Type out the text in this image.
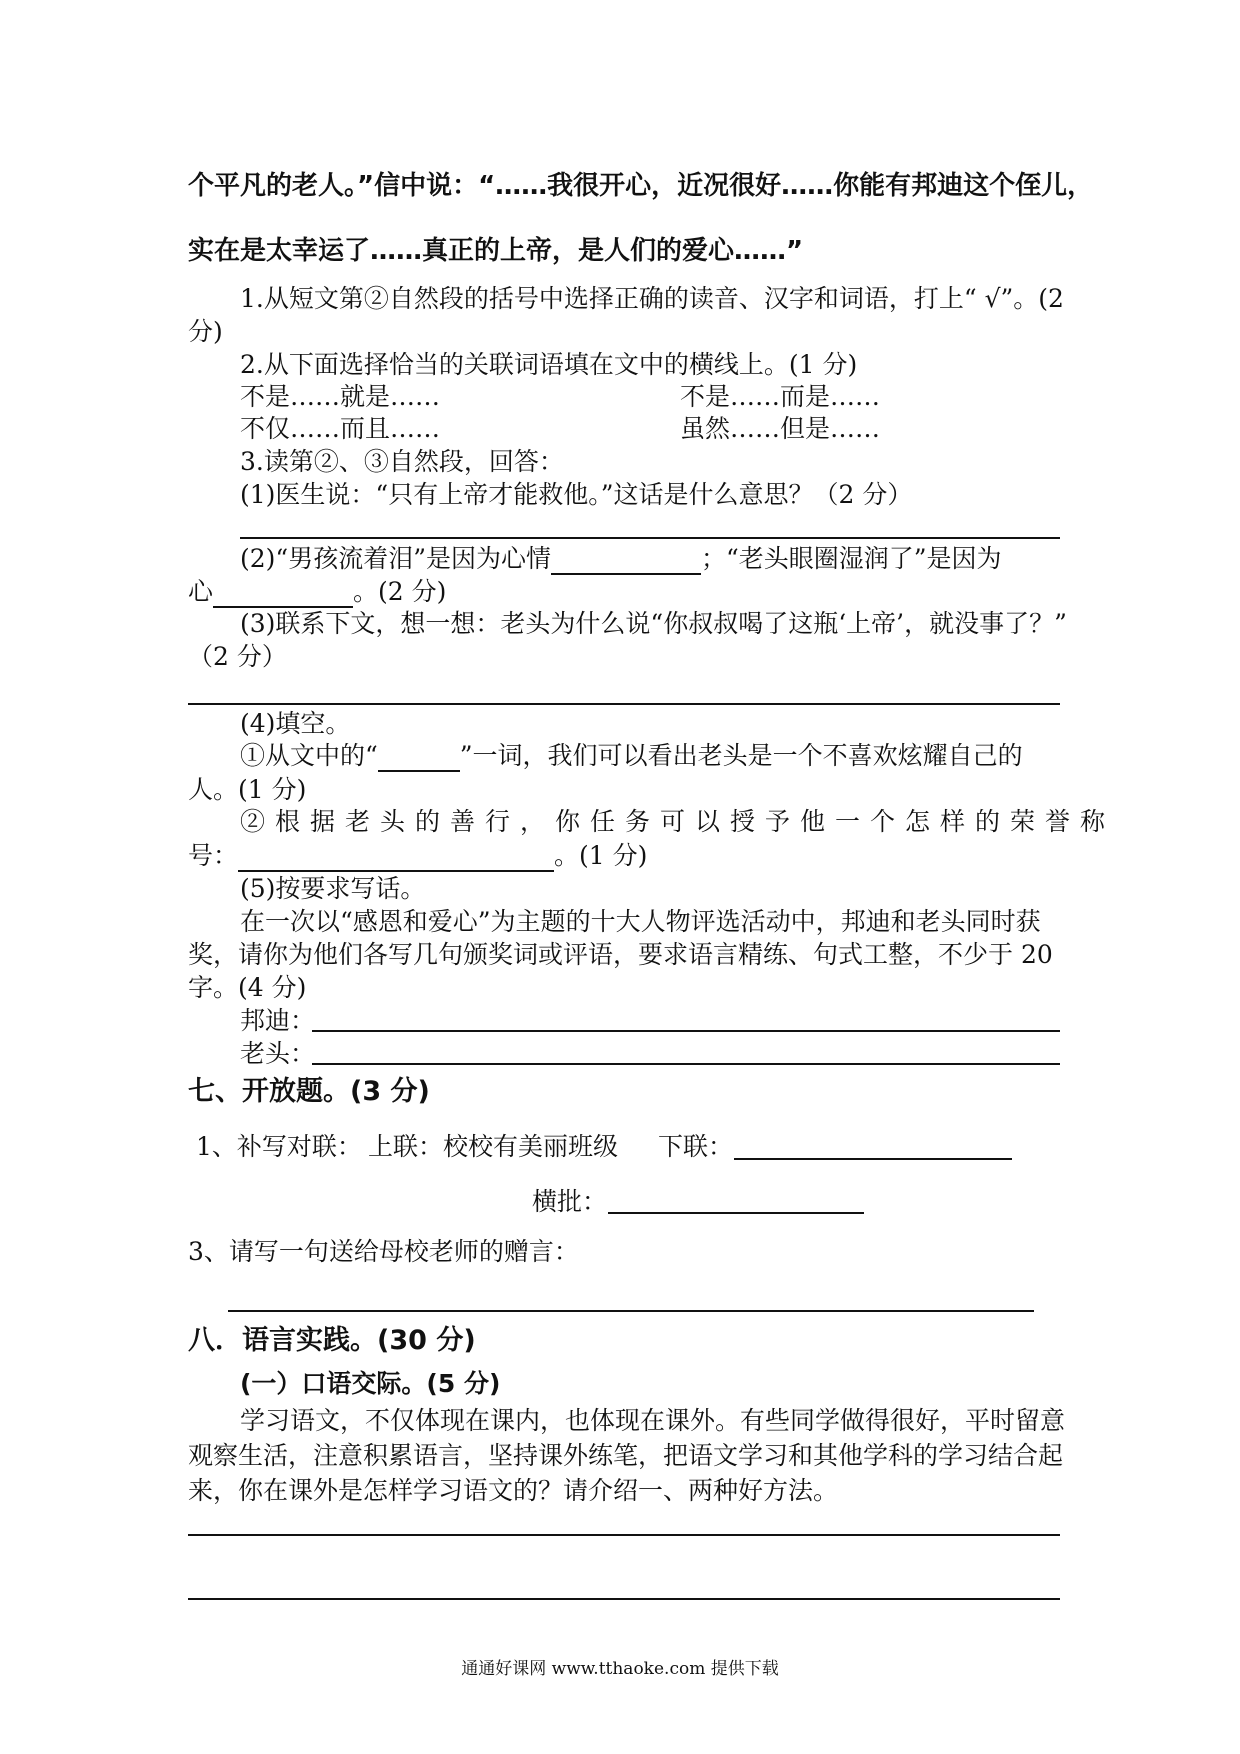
个平凡的老人。”信中说：“……我很开心，近况很好……你能有邦迪这个侄儿，
实在是太幸运了……真正的上帝，是人们的爱心……”
1.从短文第②自然段的括号中选择正确的读音、汉字和词语，打上“ √”。(2
分)
2.从下面选择恰当的关联词语填在文中的横线上。(1 分)
不是……就是……	不是……而是……
不仅……而且……	虽然……但是……
3.读第②、③自然段，回答：
(1)医生说：“只有上帝才能救他。”这话是什么意思？（2 分）
(2)“男孩流着泪”是因为心情	；“老头眼圈湿润了”是因为
心	。(2 分)
(3)联系下文，想一想：老头为什么说“你叔叔喝了这瓶‘上帝’，就没事了？”
（2 分）
(4)填空。
①从文中的“	”一词，我们可以看出老头是一个不喜欢炫耀自己的
人。(1 分)
②根据老头的善行，你任务可以授予他一个怎样的荣誉称
号：	。(1 分)
(5)按要求写话。
在一次以“感恩和爱心”为主题的十大人物评选活动中，邦迪和老头同时获
奖，请你为他们各写几句颁奖词或评语，要求语言精练、句式工整，不少于 20
字。(4 分)
邦迪：
老头：
七、开放题。(3 分)
1、补写对联： 上联：校校有美丽班级 下联：
横批：
3、请写一句送给母校老师的赠言：
八．语言实践。(30 分)
(一）口语交际。(5 分)
学习语文，不仅体现在课内，也体现在课外。有些同学做得很好，平时留意
观察生活，注意积累语言，坚持课外练笔，把语文学习和其他学科的学习结合起
来，你在课外是怎样学习语文的？请介绍一、两种好方法。
通通好课网 www.tthaoke.com 提供下载
